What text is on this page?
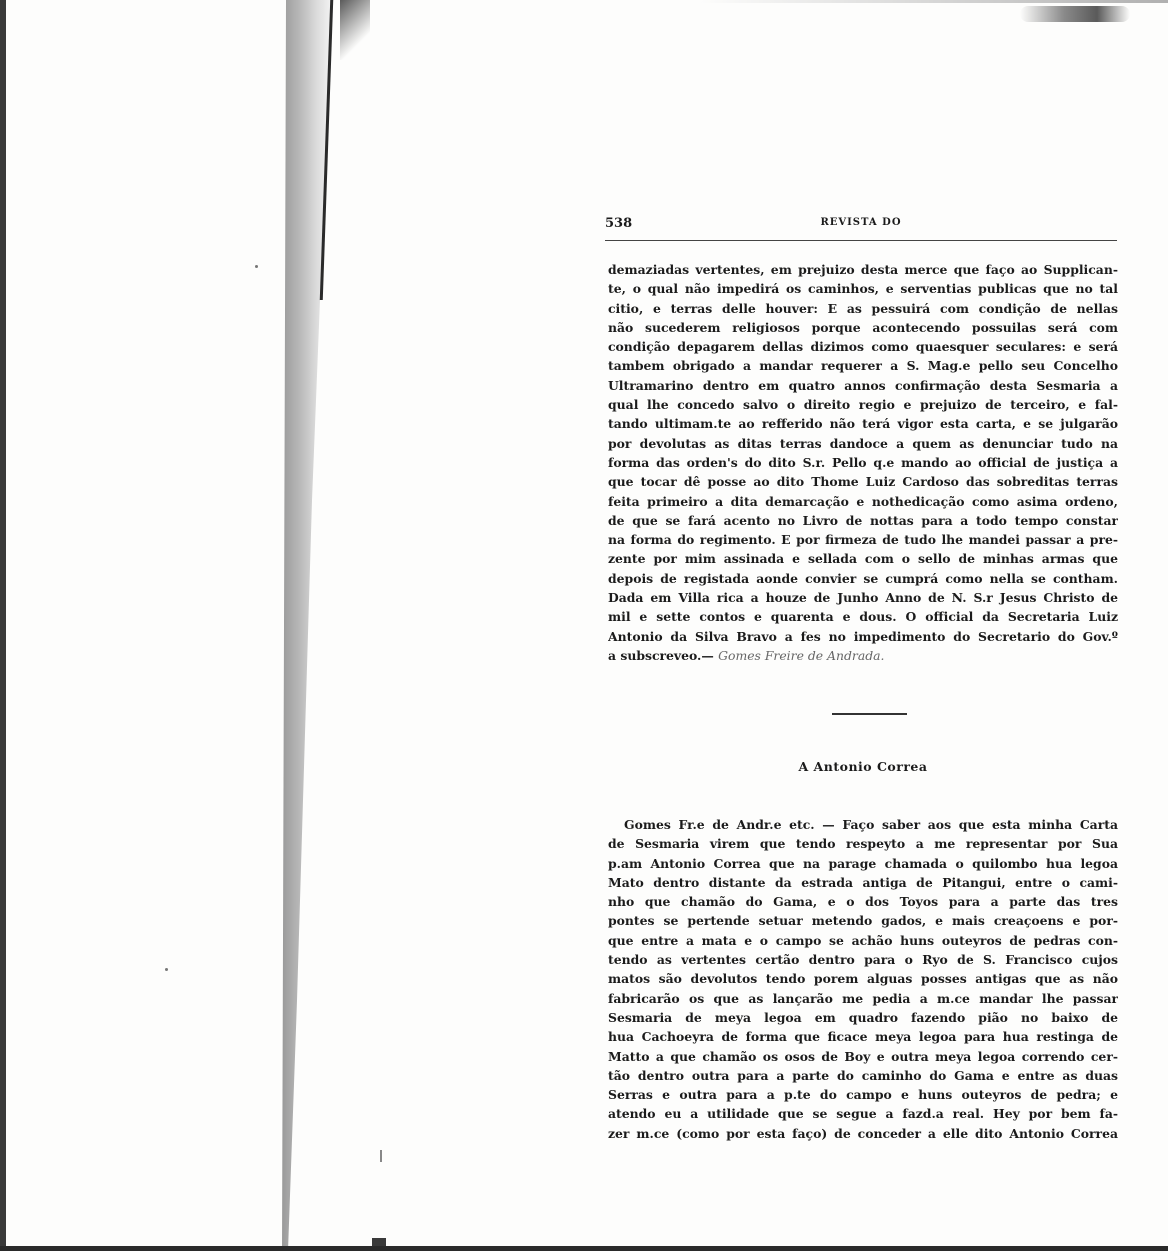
538	REVISTA DO
demaziadas vertentes, em prejuizo desta merce que faço ao Supplican-
te, o qual não impedirá os caminhos, e serventias publicas que no tal
citio, e terras delle houver: E as pessuirá com condição de nellas
não sucederem religiosos porque acontecendo possuilas será com
condição depagarem dellas dizimos como quaesquer seculares: e será
tambem obrigado a mandar requerer a S. Mag.e pello seu Concelho
Ultramarino dentro em quatro annos confirmação desta Sesmaria a
qual lhe concedo salvo o direito regio e prejuizo de terceiro, e fal-
tando ultimam.te ao refferido não terá vigor esta carta, e se julgarão
por devolutas as ditas terras dandoce a quem as denunciar tudo na
forma das orden's do dito S.r. Pello q.e mando ao official de justiça a
que tocar dê posse ao dito Thome Luiz Cardoso das sobreditas terras
feita primeiro a dita demarcação e nothedicação como asima ordeno,
de que se fará acento no Livro de nottas para a todo tempo constar
na forma do regimento. E por firmeza de tudo lhe mandei passar a pre-
zente por mim assinada e sellada com o sello de minhas armas que
depois de registada aonde convier se cumprá como nella se contham.
Dada em Villa rica a houze de Junho Anno de N. S.r Jesus Christo de
mil e sette contos e quarenta e dous. O official da Secretaria Luiz
Antonio da Silva Bravo a fes no impedimento do Secretario do Gov.º
a subscreveo.— Gomes Freire de Andrada.
A Antonio Correa
Gomes Fr.e de Andr.e etc. — Faço saber aos que esta minha Carta
de Sesmaria virem que tendo respeyto a me representar por Sua
p.am Antonio Correa que na parage chamada o quilombo hua legoa
Mato dentro distante da estrada antiga de Pitangui, entre o cami-
nho que chamão do Gama, e o dos Toyos para a parte das tres
pontes se pertende setuar metendo gados, e mais creaçoens e por-
que entre a mata e o campo se achão huns outeyros de pedras con-
tendo as vertentes certão dentro para o Ryo de S. Francisco cujos
matos são devolutos tendo porem alguas posses antigas que as não
fabricarão os que as lançarão me pedia a m.ce mandar lhe passar
Sesmaria de meya legoa em quadro fazendo pião no baixo de
hua Cachoeyra de forma que ficace meya legoa para hua restinga de
Matto a que chamão os osos de Boy e outra meya legoa correndo cer-
tão dentro outra para a parte do caminho do Gama e entre as duas
Serras e outra para a p.te do campo e huns outeyros de pedra; e
atendo eu a utilidade que se segue a fazd.a real. Hey por bem fa-
zer m.ce (como por esta faço) de conceder a elle dito Antonio Correa
